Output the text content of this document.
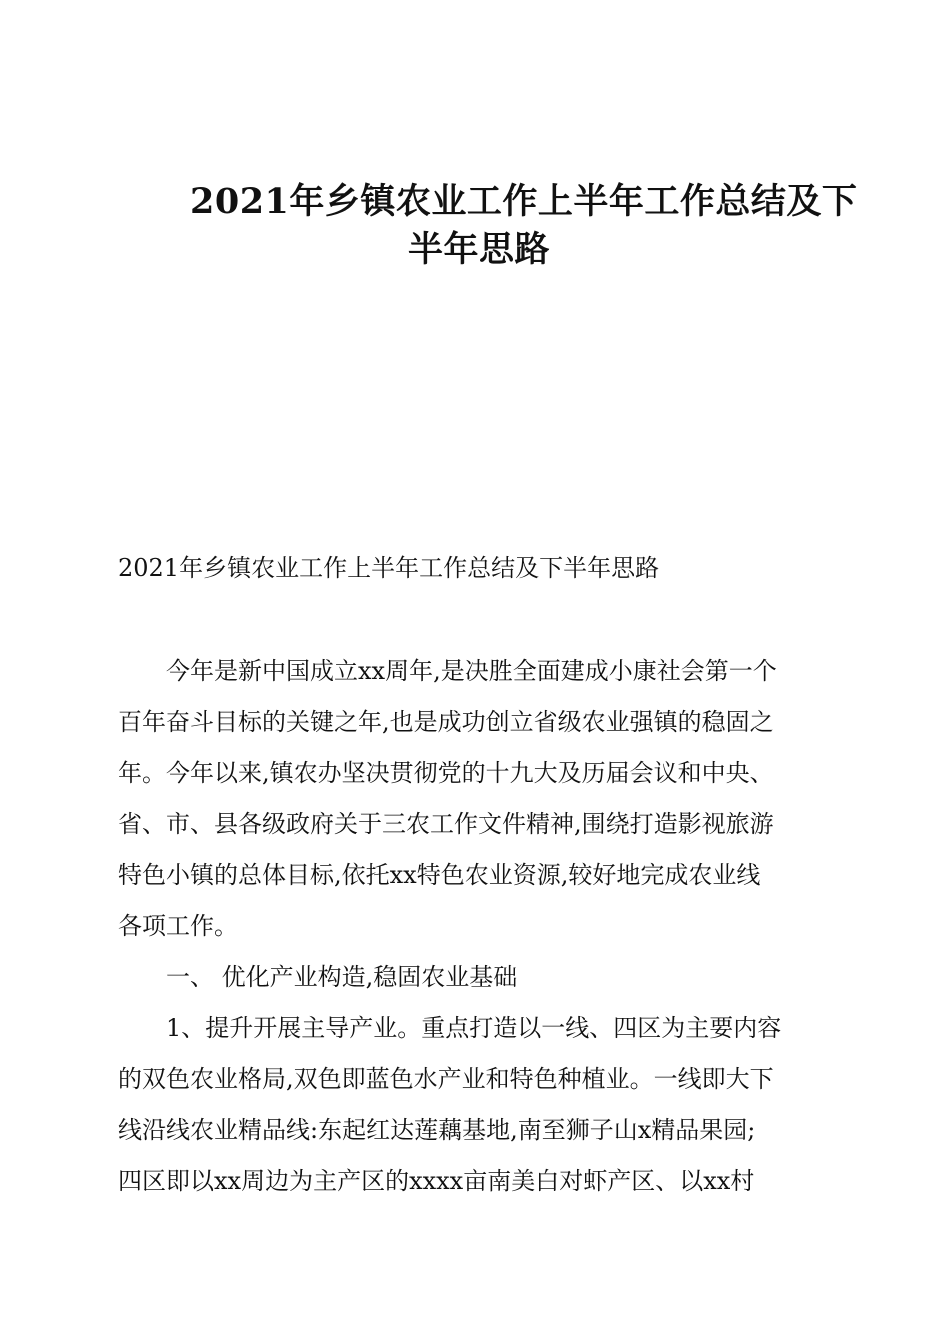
2021年乡镇农业工作上半年工作总结及下
半年思路
2021年乡镇农业工作上半年工作总结及下半年思路
今年是新中国成立xx周年,是决胜全面建成小康社会第一个
百年奋斗目标的关键之年,也是成功创立省级农业强镇的稳固之
年。今年以来,镇农办坚决贯彻党的十九大及历届会议和中央、
省、市、县各级政府关于三农工作文件精神,围绕打造影视旅游
特色小镇的总体目标,依托xx特色农业资源,较好地完成农业线
各项工作。
一、 优化产业构造,稳固农业基础
1、提升开展主导产业。重点打造以一线、四区为主要内容
的双色农业格局,双色即蓝色水产业和特色种植业。一线即大下
线沿线农业精品线:东起红达莲藕基地,南至狮子山x精品果园;
四区即以xx周边为主产区的xxxx亩南美白对虾产区、以xx村
